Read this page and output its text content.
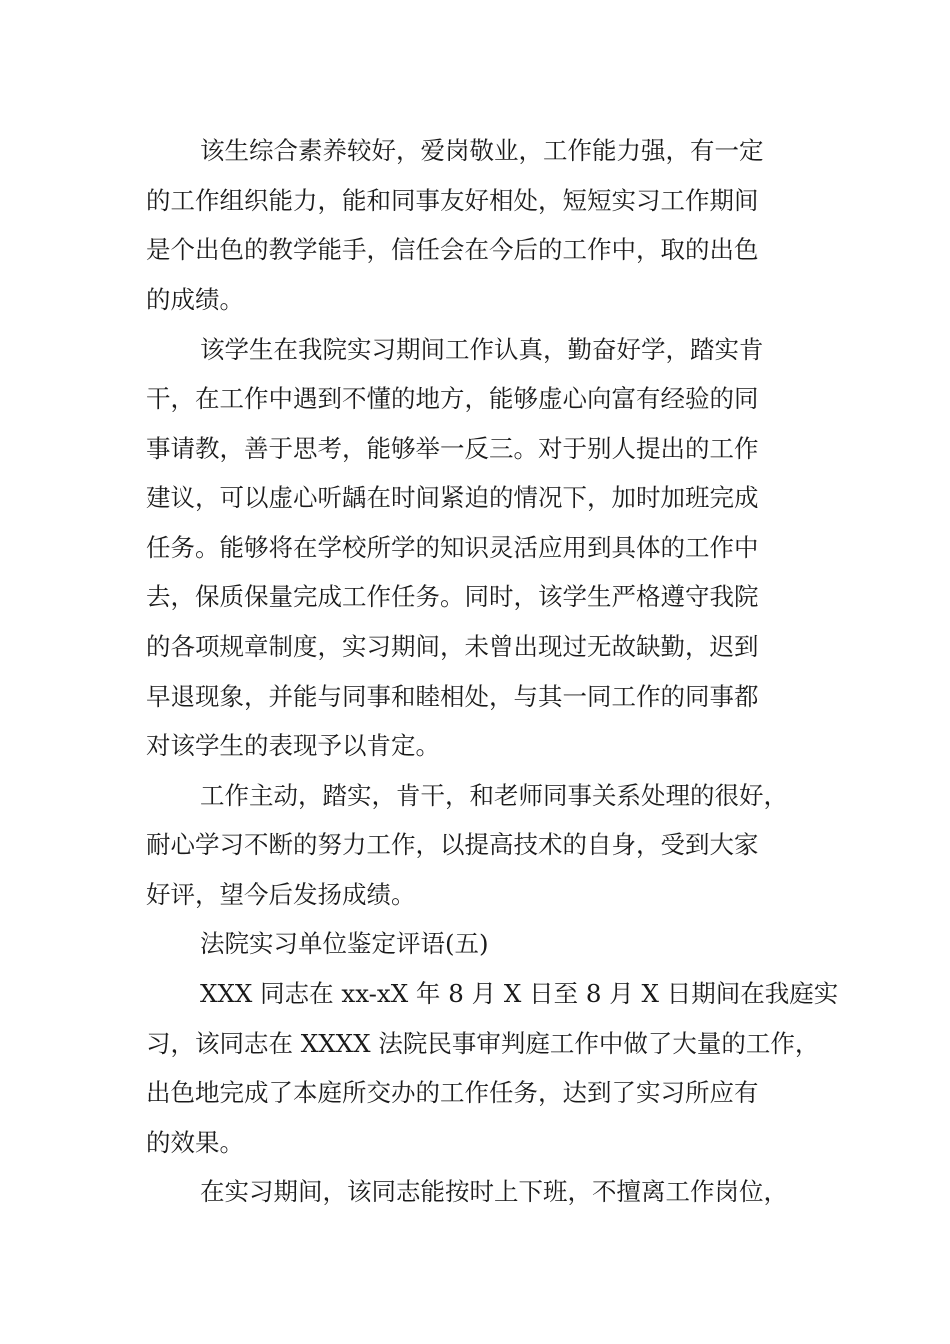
该生综合素养较好，爱岗敬业，工作能力强，有一定
的工作组织能力，能和同事友好相处，短短实习工作期间
是个出色的教学能手，信任会在今后的工作中，取的出色
的成绩。
该学生在我院实习期间工作认真，勤奋好学，踏实肯
干，在工作中遇到不懂的地方，能够虚心向富有经验的同
事请教，善于思考，能够举一反三。对于别人提出的工作
建议，可以虚心听龋在时间紧迫的情况下，加时加班完成
任务。能够将在学校所学的知识灵活应用到具体的工作中
去，保质保量完成工作任务。同时，该学生严格遵守我院
的各项规章制度，实习期间，未曾出现过无故缺勤，迟到
早退现象，并能与同事和睦相处，与其一同工作的同事都
对该学生的表现予以肯定。
工作主动，踏实，肯干，和老师同事关系处理的很好，
耐心学习不断的努力工作，以提高技术的自身，受到大家
好评，望今后发扬成绩。
法院实习单位鉴定评语(五)
XXX 同志在 xx-xX 年 8 月 X 日至 8 月 X 日期间在我庭实
习，该同志在 XXXX 法院民事审判庭工作中做了大量的工作，
出色地完成了本庭所交办的工作任务，达到了实习所应有
的效果。
在实习期间，该同志能按时上下班，不擅离工作岗位，
